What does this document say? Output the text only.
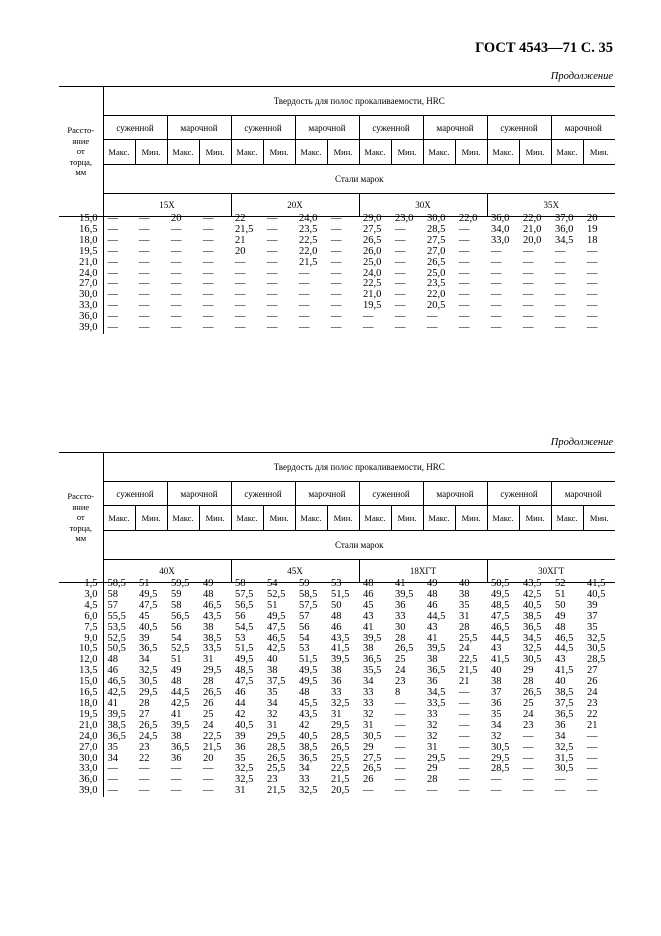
ГОСТ 4543—71 С. 35
Продолжение
Продолжение
Рассто-
яние
от
торца,
мм	Твердость для полос прокаливаемости, HRC															
	суженной		марочной		суженной		марочной		суженной		марочной		суженной		марочной	
	Макс.	Мин.	Макс.	Мин.	Макс.	Мин.	Макс.	Мин.	Макс.	Мин.	Макс.	Мин.	Макс.	Мин.	Макс.	Мин.
	Стали марок															
	15Х				20Х				30Х				35Х			
15,0	—	—	20	—	22	—	24,0	—	29,0	23,0	30,0	22,0	36,0	22,0	37,0	20
16,5	—	—	—	—	21,5	—	23,5	—	27,5	—	28,5	—	34,0	21,0	36,0	19
18,0	—	—	—	—	21	—	22,5	—	26,5	—	27,5	—	33,0	20,0	34,5	18
19,5	—	—	—	—	20	—	22,0	—	26,0	—	27,0	—	—	—	—	—
21,0	—	—	—	—	—	—	21,5	—	25,0	—	26,5	—	—	—	—	—
24,0	—	—	—	—	—	—	—	—	24,0	—	25,0	—	—	—	—	—
27,0	—	—	—	—	—	—	—	—	22,5	—	23,5	—	—	—	—	—
30,0	—	—	—	—	—	—	—	—	21,0	—	22,0	—	—	—	—	—
33,0	—	—	—	—	—	—	—	—	19,5	—	20,5	—	—	—	—	—
36,0	—	—	—	—	—	—	—	—	—	—	—	—	—	—	—	—
39,0	—	—	—	—	—	—	—	—	—	—	—	—	—	—	—	—
Рассто-
яние
от
торца,
мм	Твердость для полос прокаливаемости, HRC															
	суженной		марочной		суженной		марочной		суженной		марочной		суженной		марочной	
	Макс.	Мин.	Макс.	Мин.	Макс.	Мин.	Макс.	Мин.	Макс.	Мин.	Макс.	Мин.	Макс.	Мин.	Макс.	Мин.
	Стали марок															
	40Х				45Х				18ХГТ				30ХГТ			
1,5	58,5	51	59,5	49	58	54	59	53	48	41	49	40	50,5	43,5	52	41,5
3,0	58	49,5	59	48	57,5	52,5	58,5	51,5	46	39,5	48	38	49,5	42,5	51	40,5
4,5	57	47,5	58	46,5	56,5	51	57,5	50	45	36	46	35	48,5	40,5	50	39
6,0	55,5	45	56,5	43,5	56	49,5	57	48	43	33	44,5	31	47,5	38,5	49	37
7,5	53,5	40,5	56	38	54,5	47,5	56	46	41	30	43	28	46,5	36,5	48	35
9,0	52,5	39	54	38,5	53	46,5	54	43,5	39,5	28	41	25,5	44,5	34,5	46,5	32,5
10,5	50,5	36,5	52,5	33,5	51,5	42,5	53	41,5	38	26,5	39,5	24	43	32,5	44,5	30,5
12,0	48	34	51	31	49,5	40	51,5	39,5	36,5	25	38	22,5	41,5	30,5	43	28,5
13,5	46	32,5	49	29,5	48,5	38	49,5	38	35,5	24	36,5	21,5	40	29	41,5	27
15,0	46,5	30,5	48	28	47,5	37,5	49,5	36	34	23	36	21	38	28	40	26
16,5	42,5	29,5	44,5	26,5	46	35	48	33	33	8	34,5	—	37	26,5	38,5	24
18,0	41	28	42,5	26	44	34	45,5	32,5	33	—	33,5	—	36	25	37,5	23
19,5	39,5	27	41	25	42	32	43,5	31	32	—	33	—	35	24	36,5	22
21,0	38,5	26,5	39,5	24	40,5	31	42	29,5	31	—	32	—	34	23	36	21
24,0	36,5	24,5	38	22,5	39	29,5	40,5	28,5	30,5	—	32	—	32	—	34	—
27,0	35	23	36,5	21,5	36	28,5	38,5	26,5	29	—	31	—	30,5	—	32,5	—
30,0	34	22	36	20	35	26,5	36,5	25,5	27,5	—	29,5	—	29,5	—	31,5	—
33,0	—	—	—	—	32,5	25,5	34	22,5	26,5	—	29	—	28,5	—	30,5	—
36,0	—	—	—	—	32,5	23	33	21,5	26	—	28	—	—	—	—	—
39,0	—	—	—	—	31	21,5	32,5	20,5	—	—	—	—	—	—	—	—
